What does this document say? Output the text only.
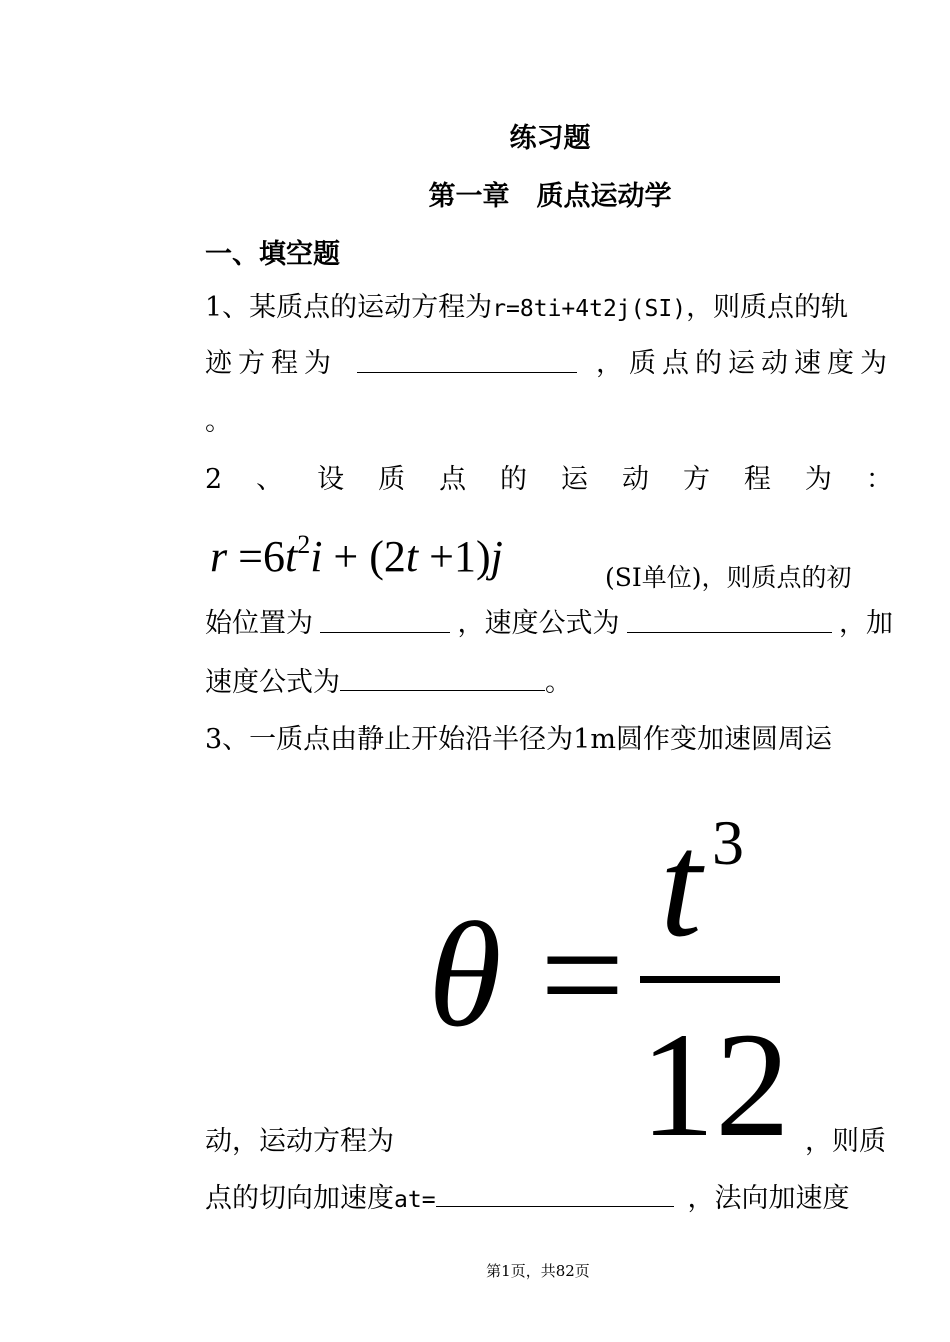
练习题
第一章　质点运动学
一、填空题
1、某质点的运动方程为r=8ti+4t2j(SI)，则质点的轨
迹方程为	，质点的运动速度为
。
2 、 设 质 点 的 运 动 方 程 为 ：
$r =6t^2i + (2t +1)j$	(SI单位)，则质点的初
始位置为	，速度公式为	，加
速度公式为	。
3、一质点由静止开始沿半径为1m圆作变加速圆周运
θ =
t 3
12
动，运动方程为	，则质
点的切向加速度at=	，法向加速度
第1页，共82页
